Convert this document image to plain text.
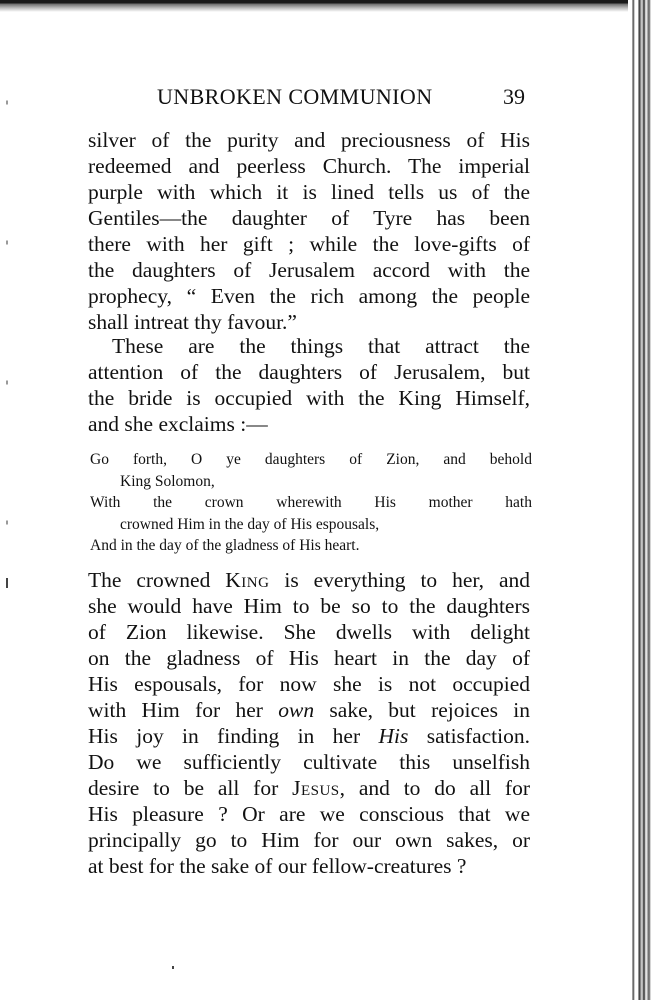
UNBROKEN COMMUNION	39
silver of the purity and preciousness of His
redeemed and peerless Church. The imperial
purple with which it is lined tells us of the
Gentiles—the daughter of Tyre has been
there with her gift ; while the love-gifts of
the daughters of Jerusalem accord with the
prophecy, “ Even the rich among the people
shall intreat thy favour.”
These are the things that attract the
attention of the daughters of Jerusalem, but
the bride is occupied with the King Himself,
and she exclaims :—
Go forth, O ye daughters of Zion, and behold
King Solomon,
With the crown wherewith His mother hath
crowned Him in the day of His espousals,
And in the day of the gladness of His heart.
The crowned King is everything to her, and
she would have Him to be so to the daughters
of Zion likewise. She dwells with delight
on the gladness of His heart in the day of
His espousals, for now she is not occupied
with Him for her own sake, but rejoices in
His joy in finding in her His satisfaction.
Do we sufficiently cultivate this unselfish
desire to be all for Jesus, and to do all for
His pleasure ? Or are we conscious that we
principally go to Him for our own sakes, or
at best for the sake of our fellow-creatures ?
